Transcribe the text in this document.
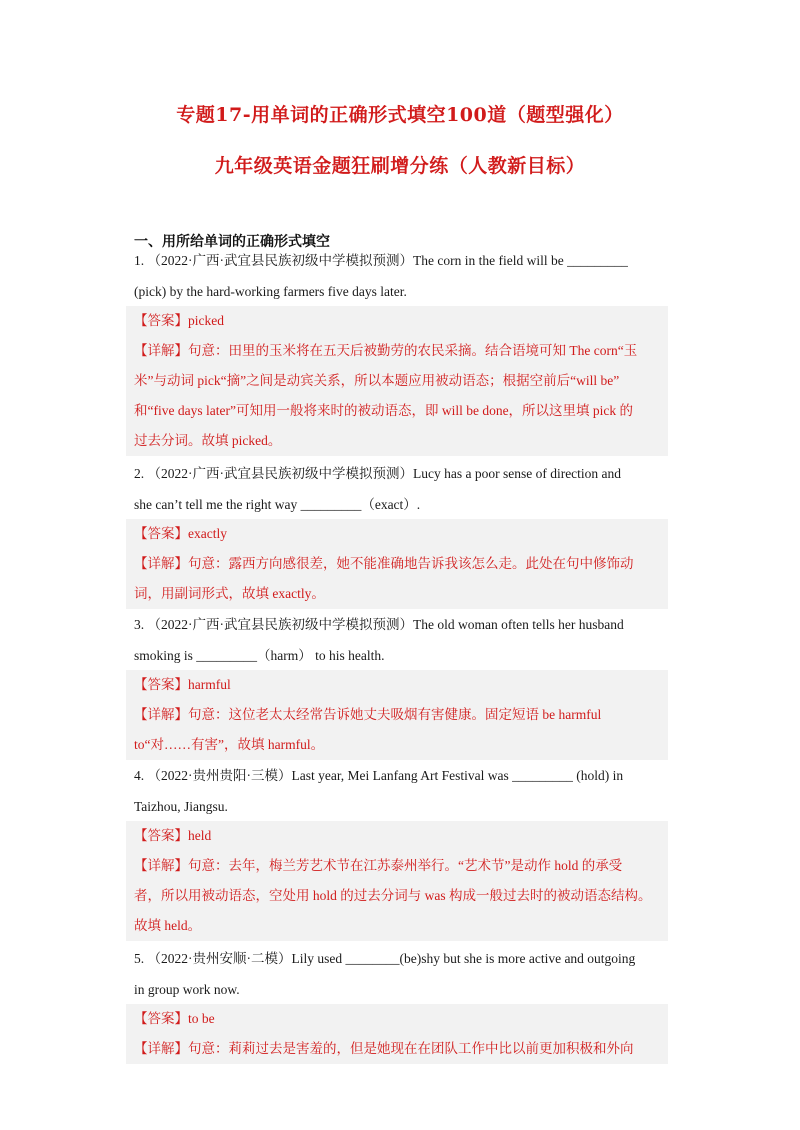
专题17-用单词的正确形式填空100道（题型强化）
九年级英语金题狂刷增分练（人教新目标）
一、用所给单词的正确形式填空
1. （2022·广西·武宜县民族初级中学模拟预测）The corn in the field will be _________
(pick) by the hard-working farmers five days later.
【答案】picked
【详解】句意：田里的玉米将在五天后被勤劳的农民采摘。结合语境可知 The corn“玉
米”与动词 pick“摘”之间是动宾关系，所以本题应用被动语态；根据空前后“will be”
和“five days later”可知用一般将来时的被动语态，即 will be done，所以这里填 pick 的
过去分词。故填 picked。
2. （2022·广西·武宜县民族初级中学模拟预测）Lucy has a poor sense of direction and
she can’t tell me the right way _________（exact）.
【答案】exactly
【详解】句意：露西方向感很差，她不能准确地告诉我该怎么走。此处在句中修饰动
词，用副词形式，故填 exactly。
3. （2022·广西·武宜县民族初级中学模拟预测）The old woman often tells her husband
smoking is _________（harm） to his health.
【答案】harmful
【详解】句意：这位老太太经常告诉她丈夫吸烟有害健康。固定短语 be harmful
to“对……有害”，故填 harmful。
4. （2022·贵州贵阳·三模）Last year, Mei Lanfang Art Festival was _________ (hold) in
Taizhou, Jiangsu.
【答案】held
【详解】句意：去年，梅兰芳艺术节在江苏泰州举行。“艺术节”是动作 hold 的承受
者，所以用被动语态，空处用 hold 的过去分词与 was 构成一般过去时的被动语态结构。
故填 held。
5. （2022·贵州安顺·二模）Lily used ________(be)shy but she is more active and outgoing
in group work now.
【答案】to be
【详解】句意：莉莉过去是害羞的，但是她现在在团队工作中比以前更加积极和外向
